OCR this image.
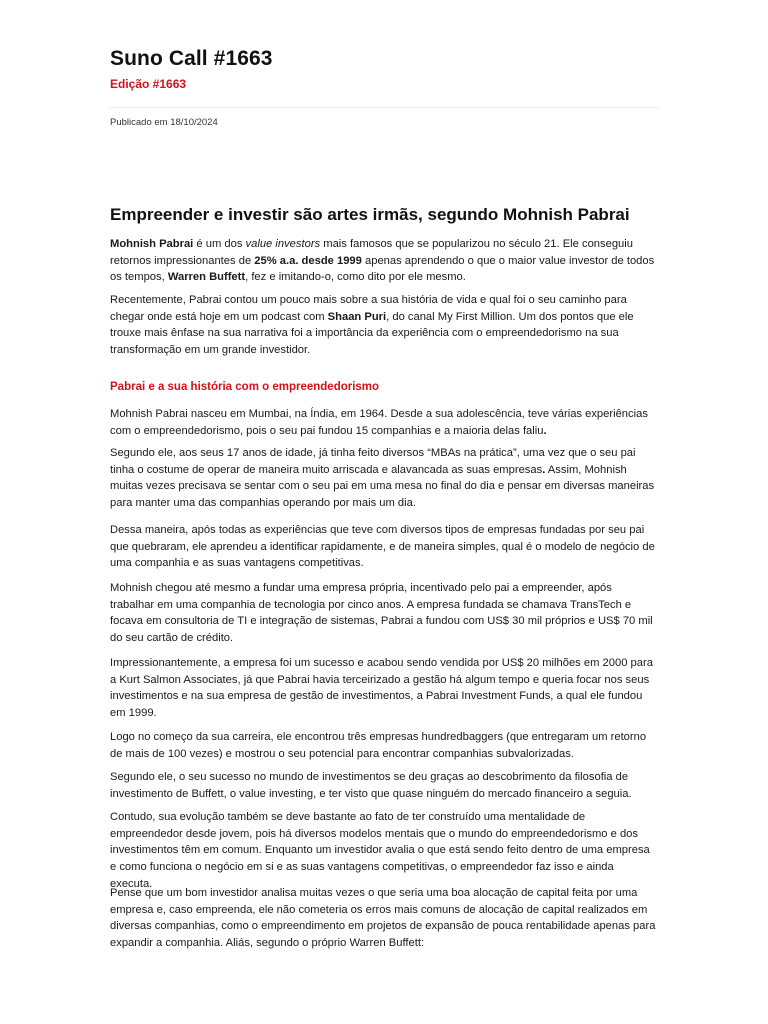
Suno Call #1663
Edição #1663
Publicado em 18/10/2024
Empreender e investir são artes irmãs, segundo Mohnish Pabrai

Mohnish Pabrai é um dos value investors mais famosos que se popularizou no século 21. Ele conseguiu retornos impressionantes de 25% a.a. desde 1999 apenas aprendendo o que o maior value investor de todos os tempos, Warren Buffett, fez e imitando-o, como dito por ele mesmo.

Recentemente, Pabrai contou um pouco mais sobre a sua história de vida e qual foi o seu caminho para chegar onde está hoje em um podcast com Shaan Puri, do canal My First Million. Um dos pontos que ele trouxe mais ênfase na sua narrativa foi a importância da experiência com o empreendedorismo na sua transformação em um grande investidor.

Pabrai e a sua história com o empreendedorismo

Mohnish Pabrai nasceu em Mumbai, na Índia, em 1964. Desde a sua adolescência, teve várias experiências com o empreendedorismo, pois o seu pai fundou 15 companhias e a maioria delas faliu.

Segundo ele, aos seus 17 anos de idade, já tinha feito diversos “MBAs na prática”, uma vez que o seu pai tinha o costume de operar de maneira muito arriscada e alavancada as suas empresas. Assim, Mohnish muitas vezes precisava se sentar com o seu pai em uma mesa no final do dia e pensar em diversas maneiras para manter uma das companhias operando por mais um dia.

Dessa maneira, após todas as experiências que teve com diversos tipos de empresas fundadas por seu pai que quebraram, ele aprendeu a identificar rapidamente, e de maneira simples, qual é o modelo de negócio de uma companhia e as suas vantagens competitivas.

Mohnish chegou até mesmo a fundar uma empresa própria, incentivado pelo pai a empreender, após trabalhar em uma companhia de tecnologia por cinco anos. A empresa fundada se chamava TransTech e focava em consultoria de TI e integração de sistemas, Pabrai a fundou com US$ 30 mil próprios e US$ 70 mil do seu cartão de crédito.

Impressionantemente, a empresa foi um sucesso e acabou sendo vendida por US$ 20 milhões em 2000 para a Kurt Salmon Associates, já que Pabrai havia terceirizado a gestão há algum tempo e queria focar nos seus investimentos e na sua empresa de gestão de investimentos, a Pabrai Investment Funds, a qual ele fundou em 1999.

Logo no começo da sua carreira, ele encontrou três empresas hundredbaggers (que entregaram um retorno de mais de 100 vezes) e mostrou o seu potencial para encontrar companhias subvalorizadas.

Segundo ele, o seu sucesso no mundo de investimentos se deu graças ao descobrimento da filosofia de investimento de Buffett, o value investing, e ter visto que quase ninguém do mercado financeiro a seguia.

Contudo, sua evolução também se deve bastante ao fato de ter construído uma mentalidade de empreendedor desde jovem, pois há diversos modelos mentais que o mundo do empreendedorismo e dos investimentos têm em comum. Enquanto um investidor avalia o que está sendo feito dentro de uma empresa e como funciona o negócio em si e as suas vantagens competitivas, o empreendedor faz isso e ainda executa.

Pense que um bom investidor analisa muitas vezes o que seria uma boa alocação de capital feita por uma empresa e, caso empreenda, ele não cometeria os erros mais comuns de alocação de capital realizados em diversas companhias, como o empreendimento em projetos de expansão de pouca rentabilidade apenas para expandir a companhia. Aliás, segundo o próprio Warren Buffett:
